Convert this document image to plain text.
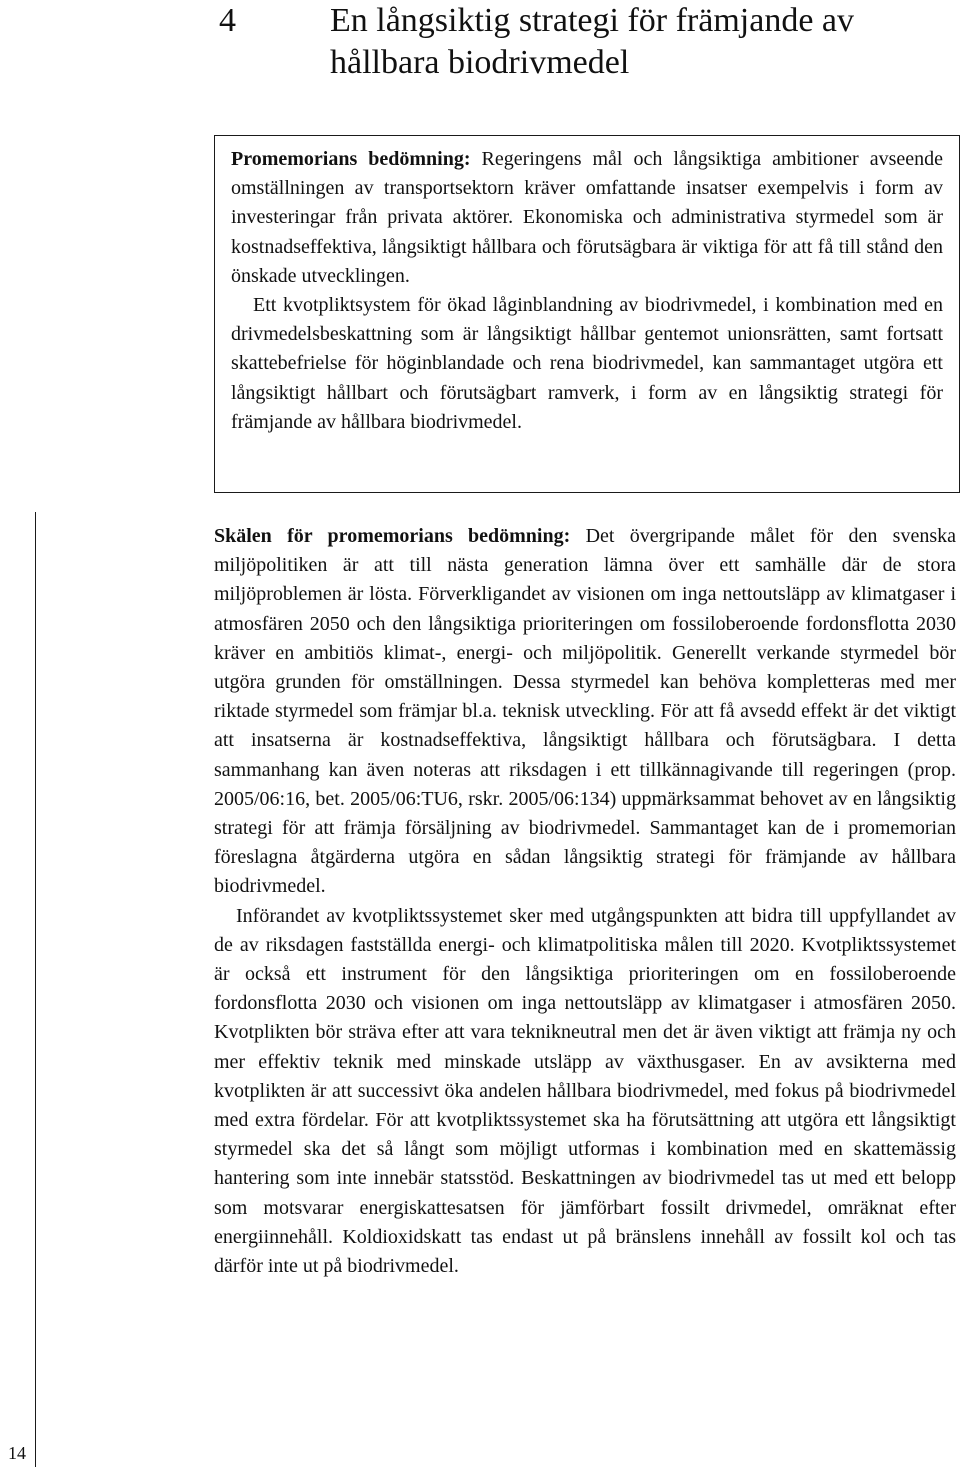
14
4	En långsiktig strategi för främjande av hållbara biodrivmedel

Promemorians bedömning: Regeringens mål och långsiktiga ambitioner avseende omställningen av transportsektorn kräver omfattande insatser exempelvis i form av investeringar från privata aktörer. Ekonomiska och administrativa styrmedel som är kostnadseffektiva, långsiktigt hållbara och förutsägbara är viktiga för att få till stånd den önskade utvecklingen.

Ett kvotpliktsystem för ökad låginblandning av biodrivmedel, i kombination med en drivmedelsbeskattning som är långsiktigt hållbar gentemot unionsrätten, samt fortsatt skattebefrielse för höginblandade och rena biodrivmedel, kan sammantaget utgöra ett långsiktigt hållbart och förutsägbart ramverk, i form av en långsiktig strategi för främjande av hållbara biodrivmedel.

Skälen för promemorians bedömning: Det övergripande målet för den svenska miljöpolitiken är att till nästa generation lämna över ett samhälle där de stora miljöproblemen är lösta. Förverkligandet av visionen om inga nettoutsläpp av klimatgaser i atmosfären 2050 och den långsiktiga prioriteringen om fossiloberoende fordonsflotta 2030 kräver en ambitiös klimat-, energi- och miljöpolitik. Generellt verkande styrmedel bör utgöra grunden för omställningen. Dessa styrmedel kan behöva kompletteras med mer riktade styrmedel som främjar bl.a. teknisk utveckling. För att få avsedd effekt är det viktigt att insatserna är kostnadseffektiva, långsiktigt hållbara och förutsägbara. I detta sammanhang kan även noteras att riksdagen i ett tillkännagivande till regeringen (prop. 2005/06:16, bet. 2005/06:TU6, rskr. 2005/06:134) uppmärksammat behovet av en långsiktig strategi för att främja försäljning av biodrivmedel. Sammantaget kan de i promemorian föreslagna åtgärderna utgöra en sådan långsiktig strategi för främjande av hållbara biodrivmedel.

Införandet av kvotpliktssystemet sker med utgångspunkten att bidra till uppfyllandet av de av riksdagen fastställda energi- och klimatpolitiska målen till 2020. Kvotpliktssystemet är också ett instrument för den långsiktiga prioriteringen om en fossiloberoende fordonsflotta 2030 och visionen om inga nettoutsläpp av klimatgaser i atmosfären 2050. Kvotplikten bör sträva efter att vara teknikneutral men det är även viktigt att främja ny och mer effektiv teknik med minskade utsläpp av växthusgaser. En av avsikterna med kvotplikten är att successivt öka andelen hållbara biodrivmedel, med fokus på biodrivmedel med extra fördelar. För att kvotpliktssystemet ska ha förutsättning att utgöra ett långsiktigt styrmedel ska det så långt som möjligt utformas i kombination med en skattemässig hantering som inte innebär statsstöd. Beskattningen av biodrivmedel tas ut med ett belopp som motsvarar energiskattesatsen för jämförbart fossilt drivmedel, omräknat efter energiinnehåll. Koldioxidskatt tas endast ut på bränslens innehåll av fossilt kol och tas därför inte ut på biodrivmedel.
